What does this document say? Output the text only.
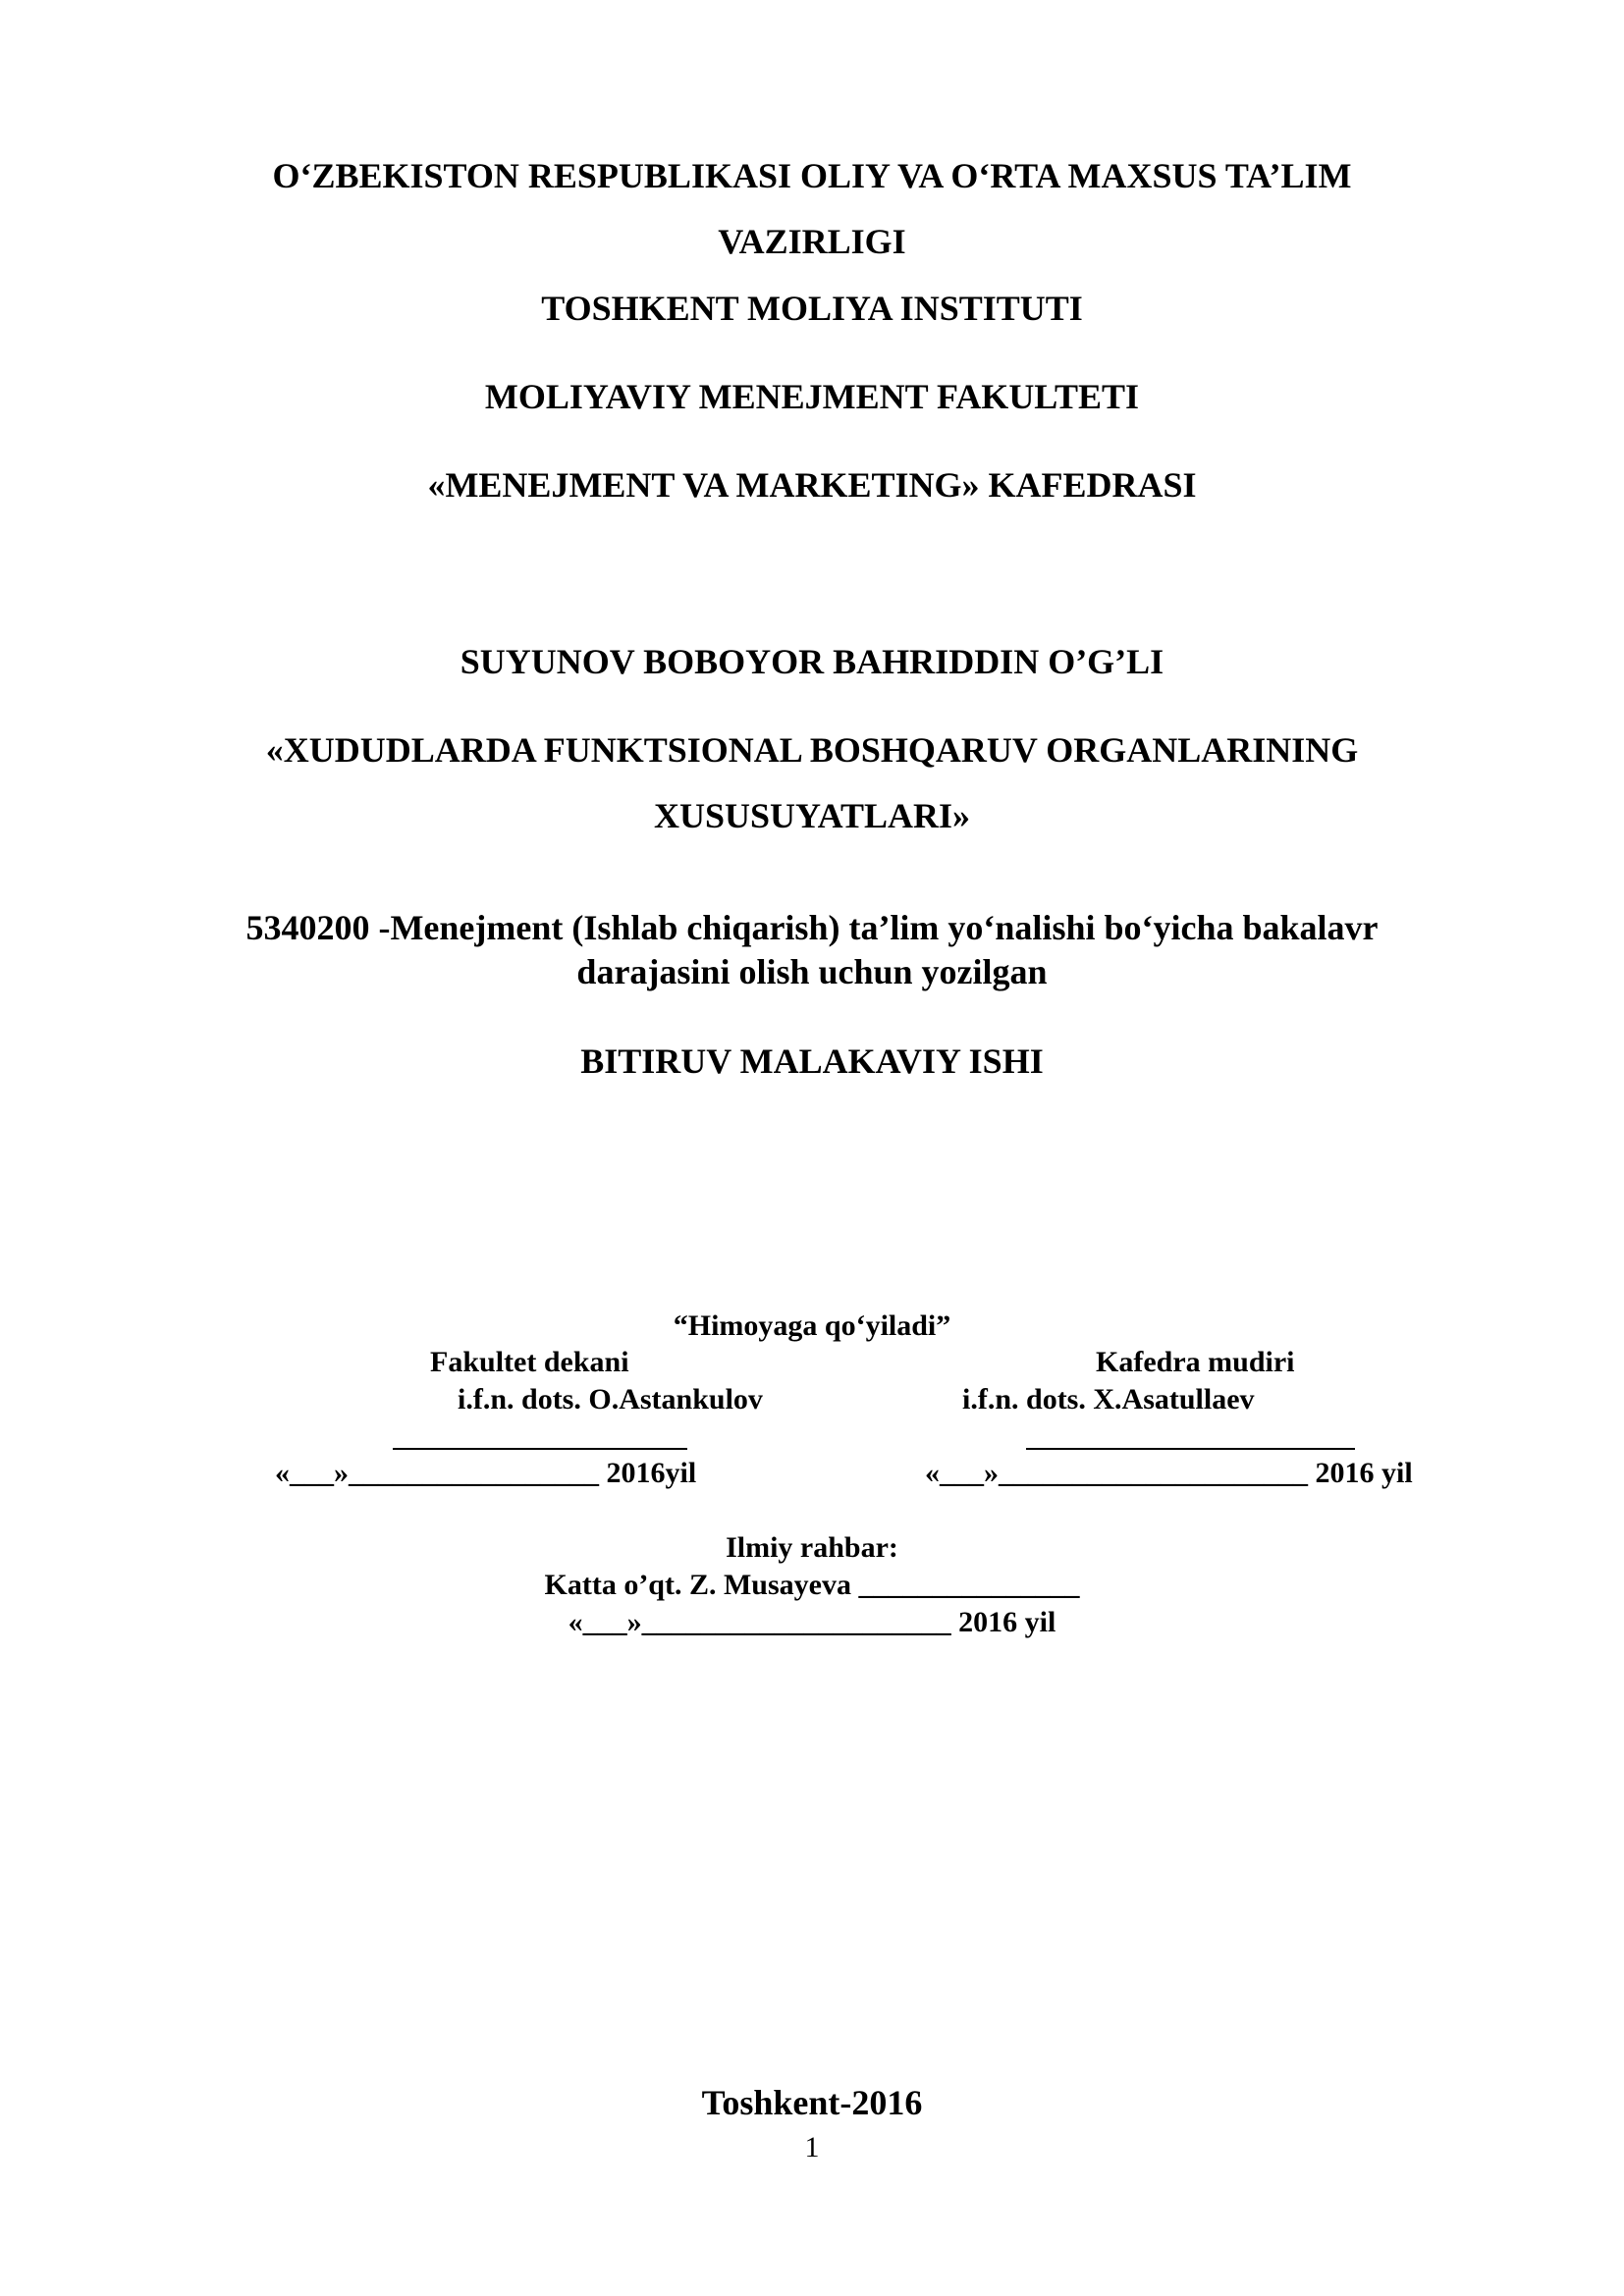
O‘ZBEKISTON RESPUBLIKASI OLIY VA O‘RTA MAXSUS TA’LIM
VAZIRLIGI
TOSHKENT MOLIYA INSTITUTI
MOLIYAVIY MENEJMENT FAKULTETI
«MENEJMENT VA MARKETING» KAFEDRASI
SUYUNOV BOBOYOR BAHRIDDIN O’G’LI
«XUDUDLARDA FUNKTSIONAL BOSHQARUV ORGANLARINING
XUSUSUYATLARI»
5340200 -Menejment (Ishlab chiqarish) ta’lim yo‘nalishi bo‘yicha bakalavr
darajasini olish uchun yozilgan
BITIRUV MALAKAVIY ISHI
“Himoyaga qo‘yiladi”
Fakultet dekani	Kafedra mudiri
i.f.n. dots. O.Astankulov	i.f.n. dots. X.Asatullaev
«___»_________________ 2016yil	«___»_____________________ 2016 yil
Ilmiy rahbar:
Katta o’qt. Z. Musayeva _______________
«___»_____________________ 2016 yil
Toshkent-2016
1
